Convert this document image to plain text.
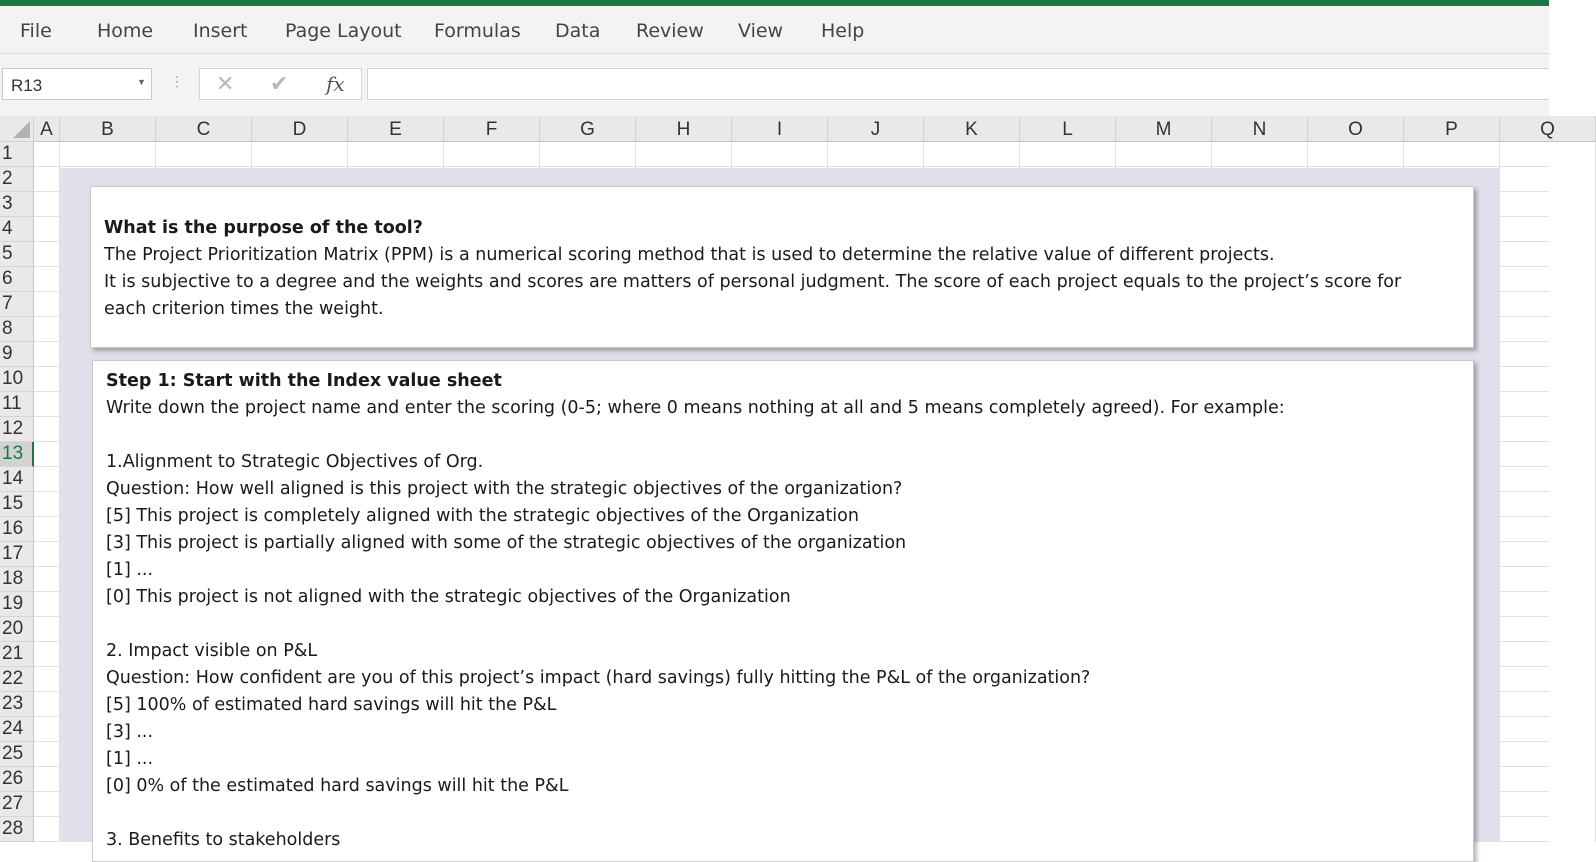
File Home Insert Page Layout Formulas Data Review View Help
R13	▼ ⋮ ✕ ✔ fx
A	B	C	D	E	F	G	H	I	J	K	L	M	N	O	P	Q
1
2
3
4
5
6
7
8
9
10
11
12
13
14
15
16
17
18
19
20
21
22
23
24
25
26
27
28
What is the purpose of the tool?
The Project Prioritization Matrix (PPM) is a numerical scoring method that is used to determine the relative value of different projects.
It is subjective to a degree and the weights and scores are matters of personal judgment. The score of each project equals to the project’s score for
each criterion times the weight.
Step 1: Start with the Index value sheet
Write down the project name and enter the scoring (0-5; where 0 means nothing at all and 5 means completely agreed). For example:
1.Alignment to Strategic Objectives of Org.
Question: How well aligned is this project with the strategic objectives of the organization?
[5] This project is completely aligned with the strategic objectives of the Organization
[3] This project is partially aligned with some of the strategic objectives of the organization
[1] ...
[0] This project is not aligned with the strategic objectives of the Organization
2. Impact visible on P&L
Question: How confident are you of this project’s impact (hard savings) fully hitting the P&L of the organization?
[5] 100% of estimated hard savings will hit the P&L
[3] ...
[1] ...
[0] 0% of the estimated hard savings will hit the P&L
3. Benefits to stakeholders
